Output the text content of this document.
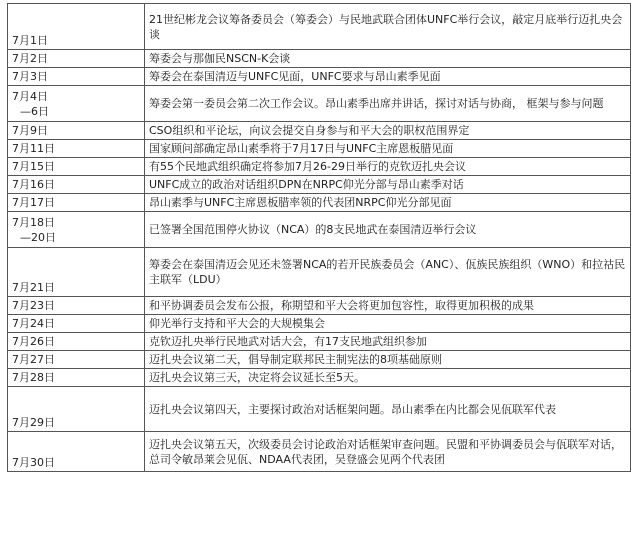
7月1日	21世纪彬龙会议筹备委员会（筹委会）与民地武联合团体UNFC举行会议，敲定月底举行迈扎央会谈
7月2日	筹委会与那伽民NSCN-K会谈
7月3日	筹委会在泰国清迈与UNFC见面，UNFC要求与昂山素季见面

7月4日
—6日	筹委会第一委员会第二次工作会议。昂山素季出席并讲话，探讨对话与协商， 框架与参与问题
7月9日	CSO组织和平论坛，向议会提交自身参与和平大会的职权范围界定
7月11日	国家顾问部确定昂山素季将于7月17日与UNFC主席恩板腊见面
7月15日	有55个民地武组织确定将参加7月26-29日举行的克钦迈扎央会议
7月16日	UNFC成立的政治对话组织DPN在NRPC仰光分部与昂山素季对话
7月17日	昂山素季与UNFC主席恩板腊率领的代表团NRPC仰光分部见面

7月18日
—20日	已签署全国范围停火协议（NCA）的8支民地武在泰国清迈举行会议
7月21日	筹委会在泰国清迈会见还未签署NCA的若开民族委员会（ANC）、佤族民族组织（WNO）和拉祜民主联军（LDU）
7月23日	和平协调委员会发布公报，称期望和平大会将更加包容性，取得更加积极的成果
7月24日	仰光举行支持和平大会的大规模集会
7月26日	克钦迈扎央举行民地武对话大会，有17支民地武组织参加
7月27日	迈扎央会议第二天，倡导制定联邦民主制宪法的8项基础原则
7月28日	迈扎央会议第三天，决定将会议延长至5天。
7月29日	迈扎央会议第四天，主要探讨政治对话框架问题。昂山素季在内比都会见佤联军代表
7月30日	迈扎央会议第五天，次级委员会讨论政治对话框架审查问题。民盟和平协调委员会与佤联军对话，总司令敏昂莱会见佤、NDAA代表团，吴登盛会见两个代表团
